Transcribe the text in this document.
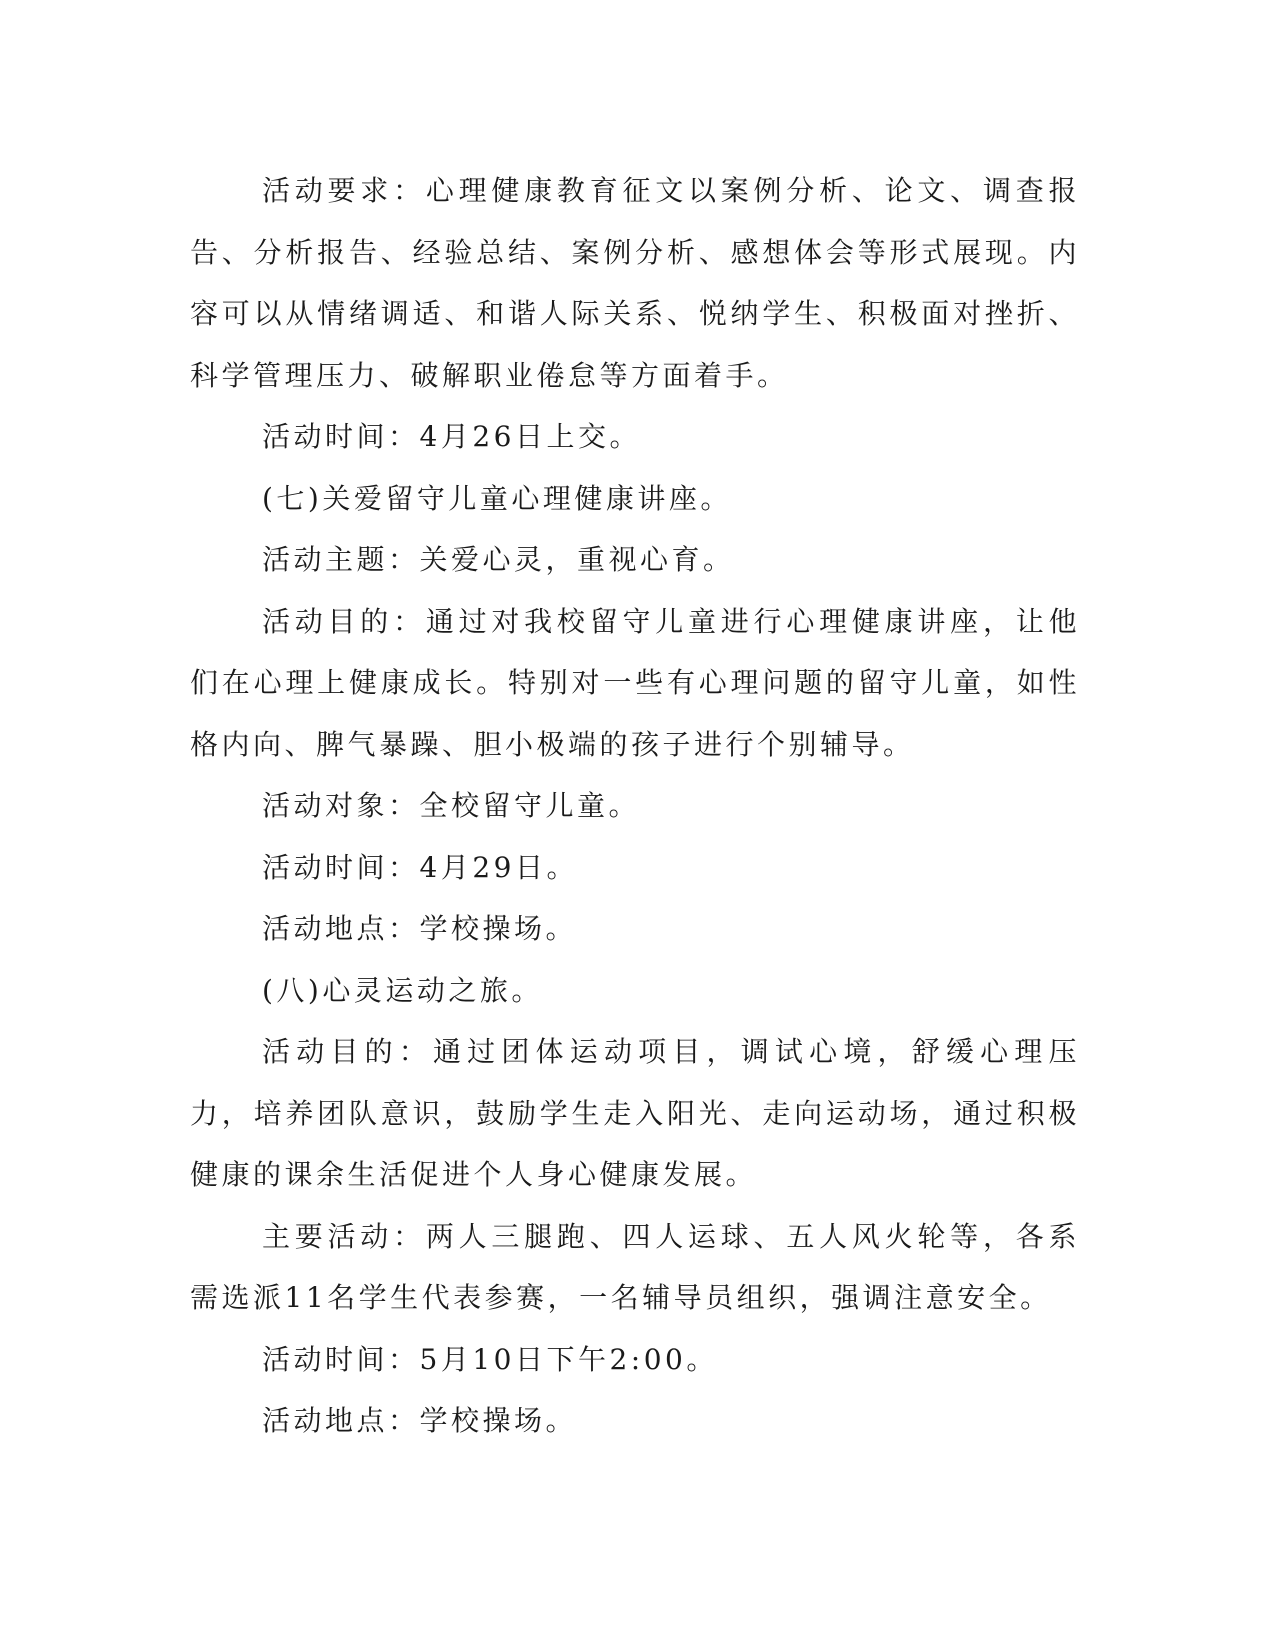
活动要求：心理健康教育征文以案例分析、论文、调查报告、分析报告、经验总结、案例分析、感想体会等形式展现。内容可以从情绪调适、和谐人际关系、悦纳学生、积极面对挫折、科学管理压力、破解职业倦怠等方面着手。

活动时间：4月26日上交。

(七)关爱留守儿童心理健康讲座。

活动主题：关爱心灵，重视心育。

活动目的：通过对我校留守儿童进行心理健康讲座，让他们在心理上健康成长。特别对一些有心理问题的留守儿童，如性格内向、脾气暴躁、胆小极端的孩子进行个别辅导。

活动对象：全校留守儿童。

活动时间：4月29日。

活动地点：学校操场。

(八)心灵运动之旅。

活动目的：通过团体运动项目，调试心境，舒缓心理压力，培养团队意识，鼓励学生走入阳光、走向运动场，通过积极健康的课余生活促进个人身心健康发展。

主要活动：两人三腿跑、四人运球、五人风火轮等，各系需选派11名学生代表参赛，一名辅导员组织，强调注意安全。

活动时间：5月10日下午2:00。

活动地点：学校操场。
